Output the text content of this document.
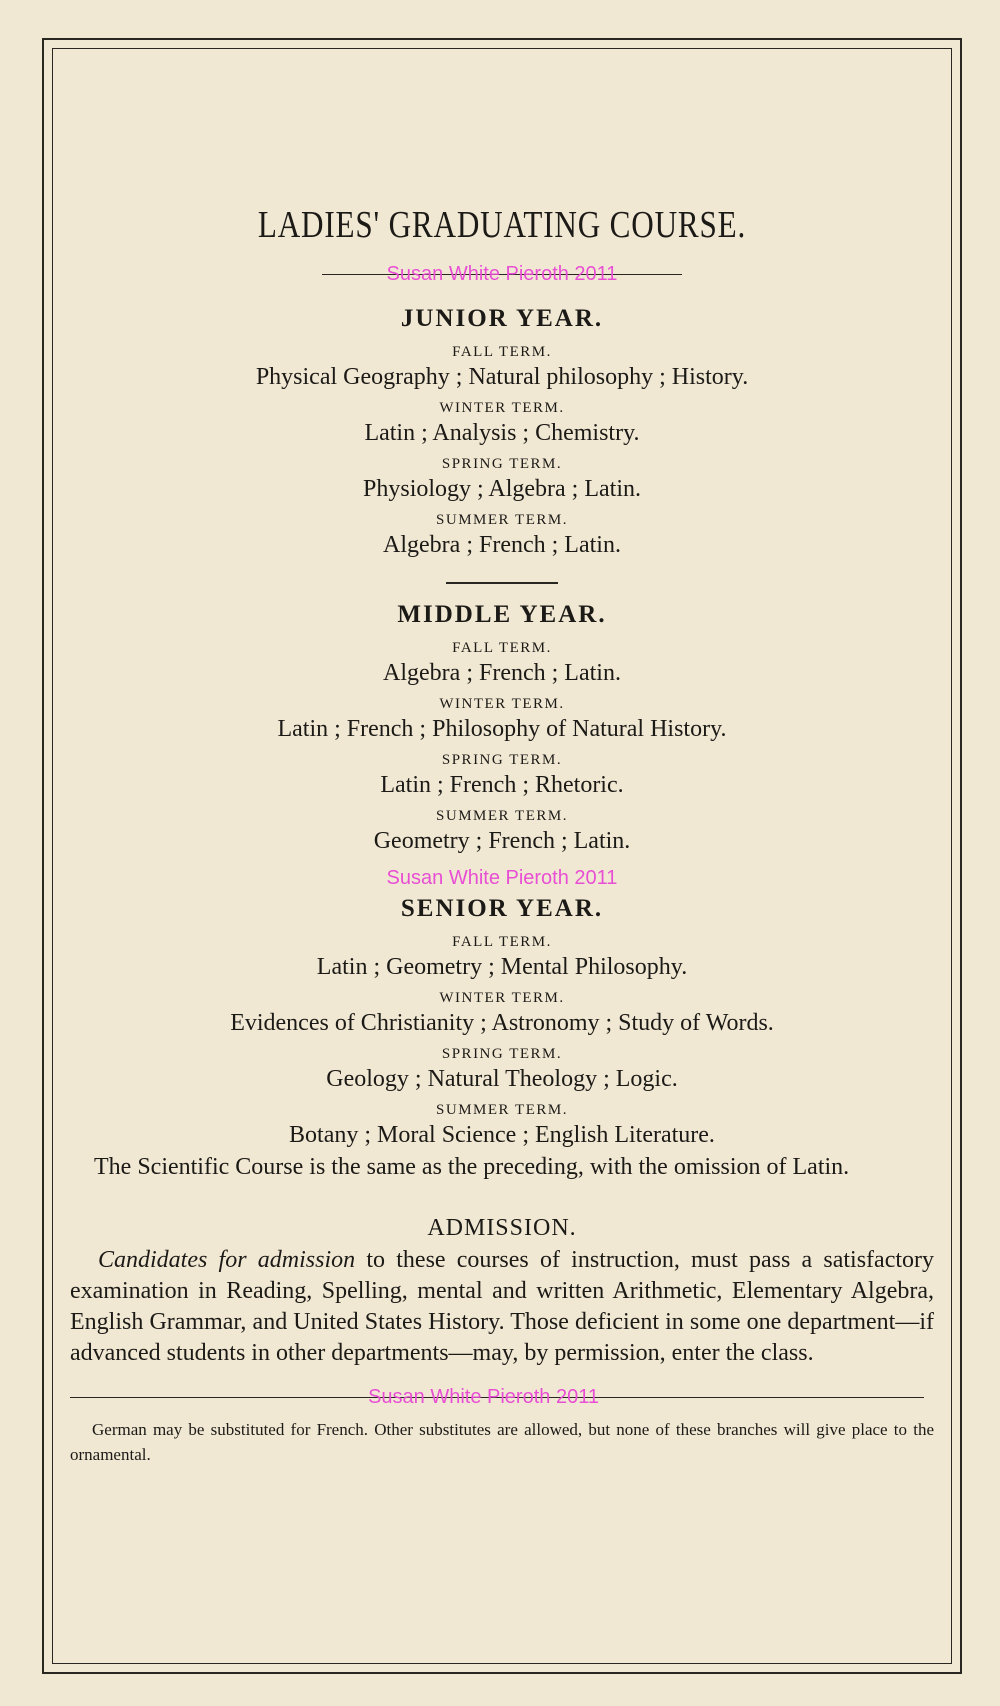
LADIES' GRADUATING COURSE.
Susan White Pieroth 2011
JUNIOR YEAR.
FALL TERM.
Physical Geography ; Natural philosophy ; History.
WINTER TERM.
Latin ; Analysis ; Chemistry.
SPRING TERM.
Physiology ; Algebra ; Latin.
SUMMER TERM.
Algebra ; French ; Latin.
MIDDLE YEAR.
FALL TERM.
Algebra ; French ; Latin.
WINTER TERM.
Latin ; French ; Philosophy of Natural History.
SPRING TERM.
Latin ; French ; Rhetoric.
SUMMER TERM.
Geometry ; French ; Latin.
Susan White Pieroth 2011
SENIOR YEAR.
FALL TERM.
Latin ; Geometry ; Mental Philosophy.
WINTER TERM.
Evidences of Christianity ; Astronomy ; Study of Words.
SPRING TERM.
Geology ; Natural Theology ; Logic.
SUMMER TERM.
Botany ; Moral Science ; English Literature.

The Scientific Course is the same as the preceding, with the omission of Latin.

ADMISSION.

Candidates for admission to these courses of instruction, must pass a satisfactory examination in Reading, Spelling, mental and written Arithmetic, Elementary Algebra, English Grammar, and United States History. Those deficient in some one department—if advanced students in other departments—may, by permission, enter the class.

Susan White Pieroth 2011

German may be substituted for French. Other substitutes are allowed, but none of these branches will give place to the ornamental.
